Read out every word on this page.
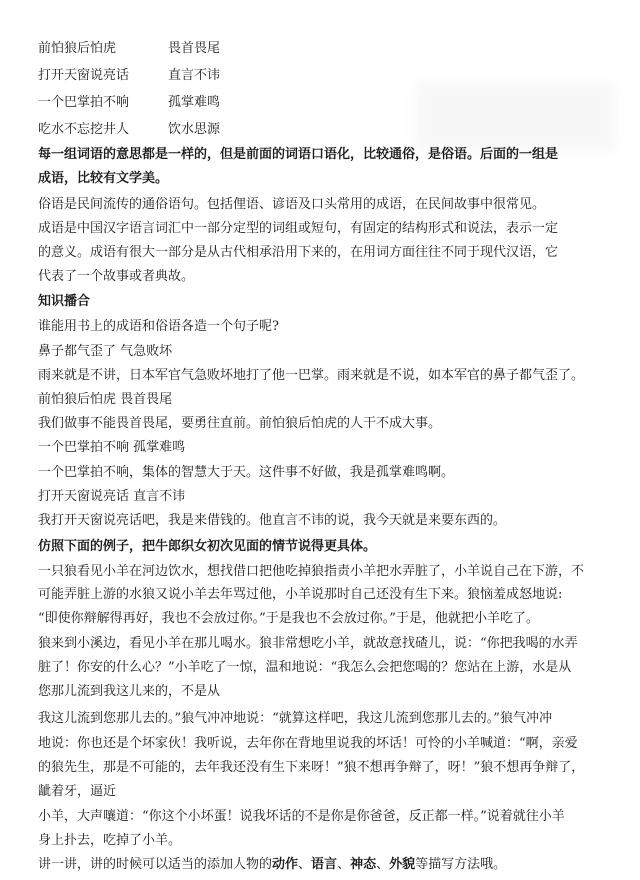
前怕狼后怕虎	畏首畏尾
打开天窗说亮话	直言不讳
一个巴掌拍不响	孤掌难鸣
吃水不忘挖井人	饮水思源
每一组词语的意思都是一样的，但是前面的词语口语化，比较通俗，是俗语。后面的一组是
成语，比较有文学美。
俗语是民间流传的通俗语句。包括俚语、谚语及口头常用的成语，在民间故事中很常见。
成语是中国汉字语言词汇中一部分定型的词组或短句，有固定的结构形式和说法，表示一定
的意义。成语有很大一部分是从古代相承沿用下来的，在用词方面往往不同于现代汉语，它
代表了一个故事或者典故。
知识播合
谁能用书上的成语和俗语各造一个句子呢?
鼻子都气歪了 气急败坏
雨来就是不讲，日本军官气急败坏地打了他一巴掌。雨来就是不说，如本军官的鼻子都气歪了。
前怕狼后怕虎 畏首畏尾
我们做事不能畏首畏尾，要勇往直前。前怕狼后怕虎的人干不成大事。
一个巴掌拍不响 孤掌难鸣
一个巴掌拍不响，集体的智慧大于天。这件事不好做，我是孤掌难鸣啊。
打开天窗说亮话 直言不讳
我打开天窗说亮话吧，我是来借钱的。他直言不讳的说，我今天就是来要东西的。
仿照下面的例子，把牛郎织女初次见面的情节说得更具体。
一只狼看见小羊在河边饮水，想找借口把他吃掉狼指责小羊把水弄脏了，小羊说自己在下游，不
可能弄脏上游的水狼又说小羊去年骂过他，小羊说那时自己还没有生下来。狼恼羞成怒地说:
“即使你辩解得再好，我也不会放过你。”于是我也不会放过你。”于是，他就把小羊吃了。
狼来到小溪边，看见小羊在那儿喝水。狼非常想吃小羊，就故意找碴儿，说：“你把我喝的水弄
脏了！你安的什么心？”小羊吃了一惊，温和地说：“我怎么会把您喝的？您站在上游，水是从
您那儿流到我这儿来的，不是从
我这儿流到您那儿去的。”狼气冲冲地说：“就算这样吧，我这儿流到您那儿去的。”狼气冲冲
地说：你也还是个坏家伙！我听说，去年你在背地里说我的坏话！可怜的小羊喊道：“啊，亲爱
的狼先生，那是不可能的，去年我还没有生下来呀！”狼不想再争辩了，呀！”狼不想再争辩了，
龇着牙，逼近
小羊，大声嚷道：“你这个小坏蛋！说我坏话的不是你是你爸爸，反正都一样。”说着就往小羊
身上扑去，吃掉了小羊。
讲一讲，讲的时候可以适当的添加人物的动作、语言、神态、外貌等描写方法哦。
